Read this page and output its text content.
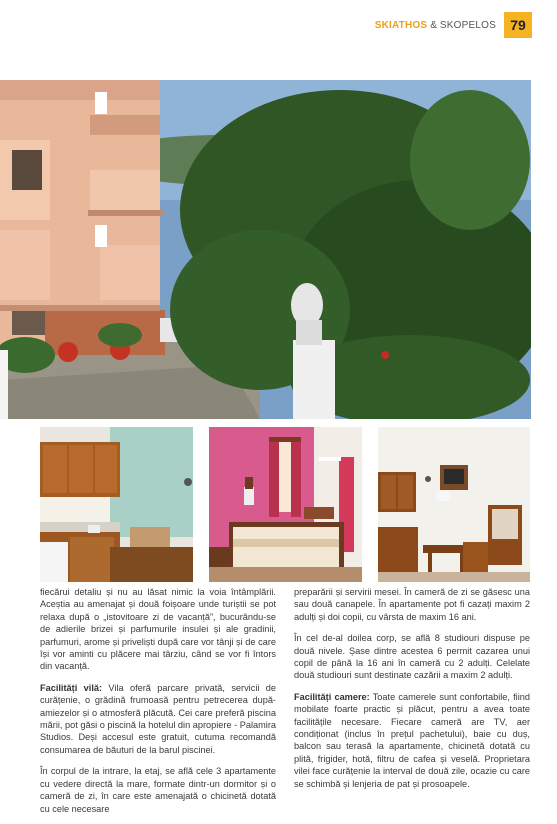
SKIATHOS & SKOPELOS	79

fiecărui detaliu și nu au lăsat nimic la voia întâmplării. Aceștia au amenajat și două foișoare unde turiștii se pot relaxa după o „istovitoare zi de vacanță”, bucurându-se de adierile brizei și parfumurile insulei și ale gradinii, parfumuri, arome și priveliști după care vor tânji și de care își vor aminti cu plăcere mai târziu, când se vor fi întors din vacanță.

Facilități vilă: Vila oferă parcare privată, servicii de curățenie, o grădină frumoasă pentru petrecerea după-amiezelor și o atmosferă plăcută. Cei care preferă piscina mării, pot găsi o piscină la hotelul din apropiere - Palamira Studios. Deși accesul este gratuit, cutuma recomandă consumarea de băuturi de la barul piscinei.

În corpul de la intrare, la etaj, se află cele 3 apartamente cu vedere directă la mare, formate dintr-un dormitor și o cameră de zi, în care este amenajată o chicinetă dotată cu cele necesare

preparării și servirii mesei. În cameră de zi se găsesc una sau două canapele. În apartamente pot fi cazați maxim 2 adulți și doi copii, cu vârsta de maxim 16 ani.

În cel de-al doilea corp, se află 8 studiouri dispuse pe două nivele. Șase dintre acestea 6 permit cazarea unui copil de până la 16 ani în cameră cu 2 adulți. Celelate două studiouri sunt destinate cazării a maxim 2 adulți.

Facilități camere: Toate camerele sunt confortabile, fiind mobilate foarte practic și plăcut, pentru a avea toate facilitățile necesare. Fiecare cameră are TV, aer condiționat (inclus în prețul pachetului), baie cu duș, balcon sau terasă la apartamente, chicinetă dotată cu plită, frigider, hotă, filtru de cafea și veselă. Proprietara vilei face curățenie la interval de două zile, ocazie cu care se schimbă și lenjeria de pat și prosoapele.
